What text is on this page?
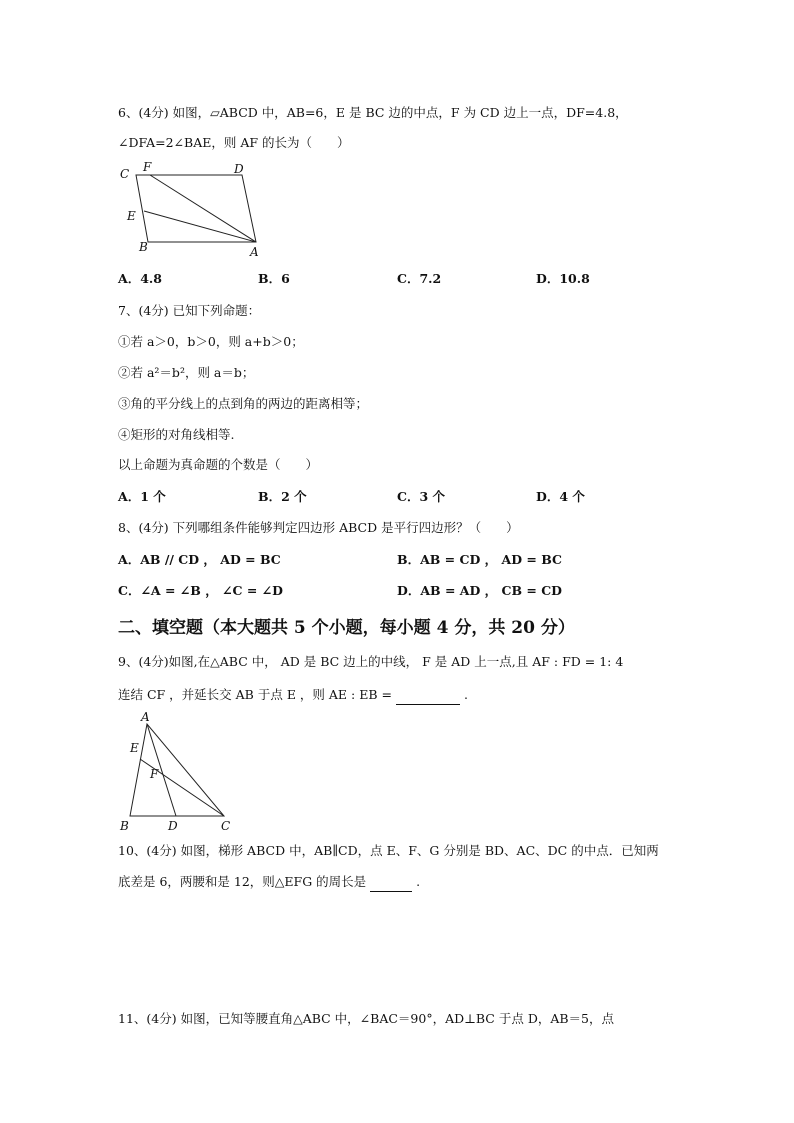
6、(4分) 如图，▱ABCD 中，AB=6，E 是 BC 边的中点，F 为 CD 边上一点，DF=4.8，
∠DFA=2∠BAE，则 AF 的长为（　　）
C F	D
E
B	A
A．4.8	B．6	C．7.2	D．10.8
7、(4分) 已知下列命题：
①若 a＞0，b＞0，则 a+b＞0；
②若 a²＝b²，则 a＝b；
③角的平分线上的点到角的两边的距离相等；
④矩形的对角线相等.
以上命题为真命题的个数是（　　）
A．1 个	B．2 个	C．3 个	D．4 个
8、(4分) 下列哪组条件能够判定四边形 ABCD 是平行四边形？（　　）
A．AB // CD ， AD = BC	B．AB = CD ， AD = BC
C．∠A = ∠B ， ∠C = ∠D	D．AB = AD ， CB = CD
二、填空题（本大题共 5 个小题，每小题 4 分，共 20 分）
9、(4分)如图,在△ABC 中， AD 是 BC 边上的中线， F 是 AD 上一点,且 AF : FD = 1: 4
连结 CF ，并延长交 AB 于点 E ，则 AE : EB =	.
A
E
F
B	D	C
10、(4分) 如图，梯形 ABCD 中，AB∥CD，点 E、F、G 分别是 BD、AC、DC 的中点．已知两
底差是 6，两腰和是 12，则△EFG 的周长是	.
11、(4分) 如图，已知等腰直角△ABC 中，∠BAC＝90°，AD⊥BC 于点 D，AB＝5，点
